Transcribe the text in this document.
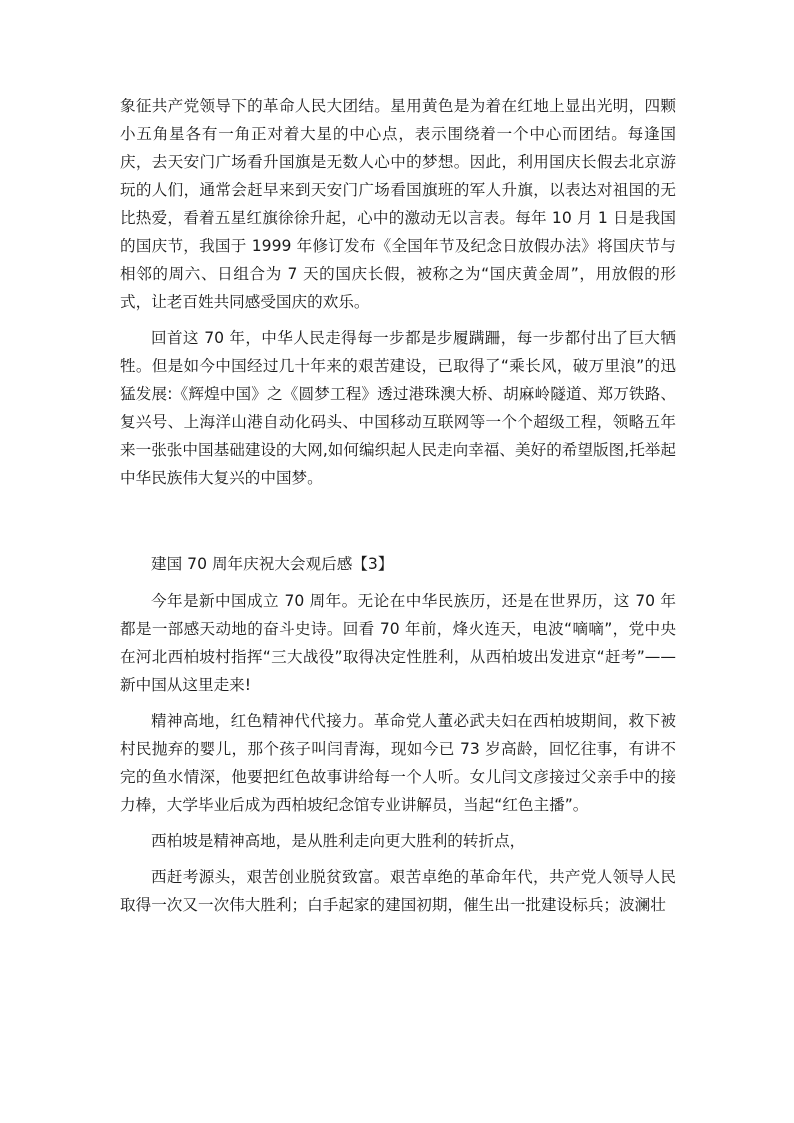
象征共产党领导下的革命人民大团结。星用黄色是为着在红地上显出光明，四颗小五角星各有一角正对着大星的中心点，表示围绕着一个中心而团结。每逢国庆，去天安门广场看升国旗是无数人心中的梦想。因此，利用国庆长假去北京游玩的人们，通常会赶早来到天安门广场看国旗班的军人升旗，以表达对祖国的无比热爱，看着五星红旗徐徐升起，心中的激动无以言表。每年 10 月 1 日是我国的国庆节，我国于 1999 年修订发布《全国年节及纪念日放假办法》将国庆节与相邻的周六、日组合为 7 天的国庆长假，被称之为“国庆黄金周”，用放假的形式，让老百姓共同感受国庆的欢乐。

回首这 70 年，中华人民走得每一步都是步履蹒跚，每一步都付出了巨大牺牲。但是如今中国经过几十年来的艰苦建设，已取得了“乘长风，破万里浪”的迅猛发展:《辉煌中国》之《圆梦工程》透过港珠澳大桥、胡麻岭隧道、郑万铁路、复兴号、上海洋山港自动化码头、中国移动互联网等一个个超级工程，领略五年来一张张中国基础建设的大网,如何编织起人民走向幸福、美好的希望版图,托举起中华民族伟大复兴的中国梦。

建国 70 周年庆祝大会观后感【3】

今年是新中国成立 70 周年。无论在中华民族历，还是在世界历，这 70 年都是一部感天动地的奋斗史诗。回看 70 年前，烽火连天，电波“嘀嘀”，党中央在河北西柏坡村指挥“三大战役”取得决定性胜利，从西柏坡出发进京“赶考”——新中国从这里走来!

精神高地，红色精神代代接力。革命党人董必武夫妇在西柏坡期间，救下被村民抛弃的婴儿，那个孩子叫闫青海，现如今已 73 岁高龄，回忆往事，有讲不完的鱼水情深，他要把红色故事讲给每一个人听。女儿闫文彦接过父亲手中的接力棒，大学毕业后成为西柏坡纪念馆专业讲解员，当起“红色主播”。

西柏坡是精神高地，是从胜利走向更大胜利的转折点，

西赶考源头，艰苦创业脱贫致富。艰苦卓绝的革命年代，共产党人领导人民取得一次又一次伟大胜利；白手起家的建国初期，催生出一批建设标兵；波澜壮
